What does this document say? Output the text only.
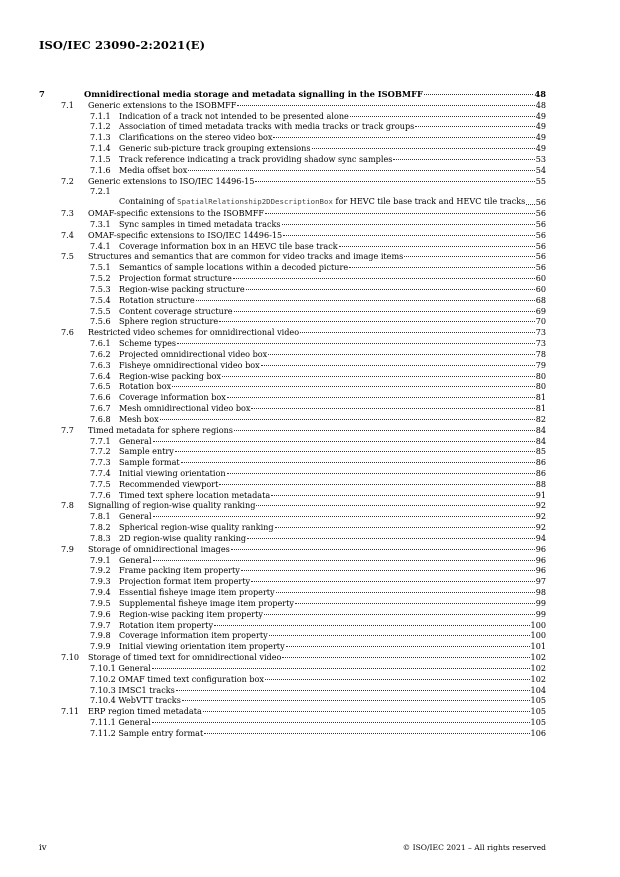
ISO/IEC 23090-2:2021(E)
7	Omnidirectional media storage and metadata signalling in the ISOBMFF	48
7.1 Generic extensions to the ISOBMFF	48
7.1.1 Indication of a track not intended to be presented alone	49
7.1.2 Association of timed metadata tracks with media tracks or track groups	49
7.1.3 Clarifications on the stereo video box	49
7.1.4 Generic sub-picture track grouping extensions	49
7.1.5 Track reference indicating a track providing shadow sync samples	53
7.1.6 Media offset box	54
7.2 Generic extensions to ISO/IEC 14496-15	55
7.2.1
Containing of SpatialRelationship2DDescriptionBox for HEVC tile base track and HEVC tile tracks 56
7.3 OMAF-specific extensions to the ISOBMFF	56
7.3.1 Sync samples in timed metadata tracks	56
7.4 OMAF-specific extensions to ISO/IEC 14496-15	56
7.4.1 Coverage information box in an HEVC tile base track	56
7.5 Structures and semantics that are common for video tracks and image items	56
7.5.1 Semantics of sample locations within a decoded picture	56
7.5.2 Projection format structure	60
7.5.3 Region-wise packing structure	60
7.5.4 Rotation structure	68
7.5.5 Content coverage structure	69
7.5.6 Sphere region structure	70
7.6 Restricted video schemes for omnidirectional video	73
7.6.1 Scheme types	73
7.6.2 Projected omnidirectional video box	78
7.6.3 Fisheye omnidirectional video box	79
7.6.4 Region-wise packing box	80
7.6.5 Rotation box	80
7.6.6 Coverage information box	81
7.6.7 Mesh omnidirectional video box	81
7.6.8 Mesh box	82
7.7 Timed metadata for sphere regions	84
7.7.1 General	84
7.7.2 Sample entry	85
7.7.3 Sample format	86
7.7.4 Initial viewing orientation	86
7.7.5 Recommended viewport	88
7.7.6 Timed text sphere location metadata	91
7.8 Signalling of region-wise quality ranking	92
7.8.1 General	92
7.8.2 Spherical region-wise quality ranking	92
7.8.3 2D region-wise quality ranking	94
7.9 Storage of omnidirectional images	96
7.9.1 General	96
7.9.2 Frame packing item property	96
7.9.3 Projection format item property	97
7.9.4 Essential fisheye image item property	98
7.9.5 Supplemental fisheye image item property	99
7.9.6 Region-wise packing item property	99
7.9.7 Rotation item property	100
7.9.8 Coverage information item property	100
7.9.9 Initial viewing orientation item property	101
7.10 Storage of timed text for omnidirectional video	102
7.10.1 General	102
7.10.2 OMAF timed text configuration box	102
7.10.3 IMSC1 tracks	104
7.10.4 WebVTT tracks	105
7.11 ERP region timed metadata	105
7.11.1 General	105
7.11.2 Sample entry format	106
iv	© ISO/IEC 2021 – All rights reserved
